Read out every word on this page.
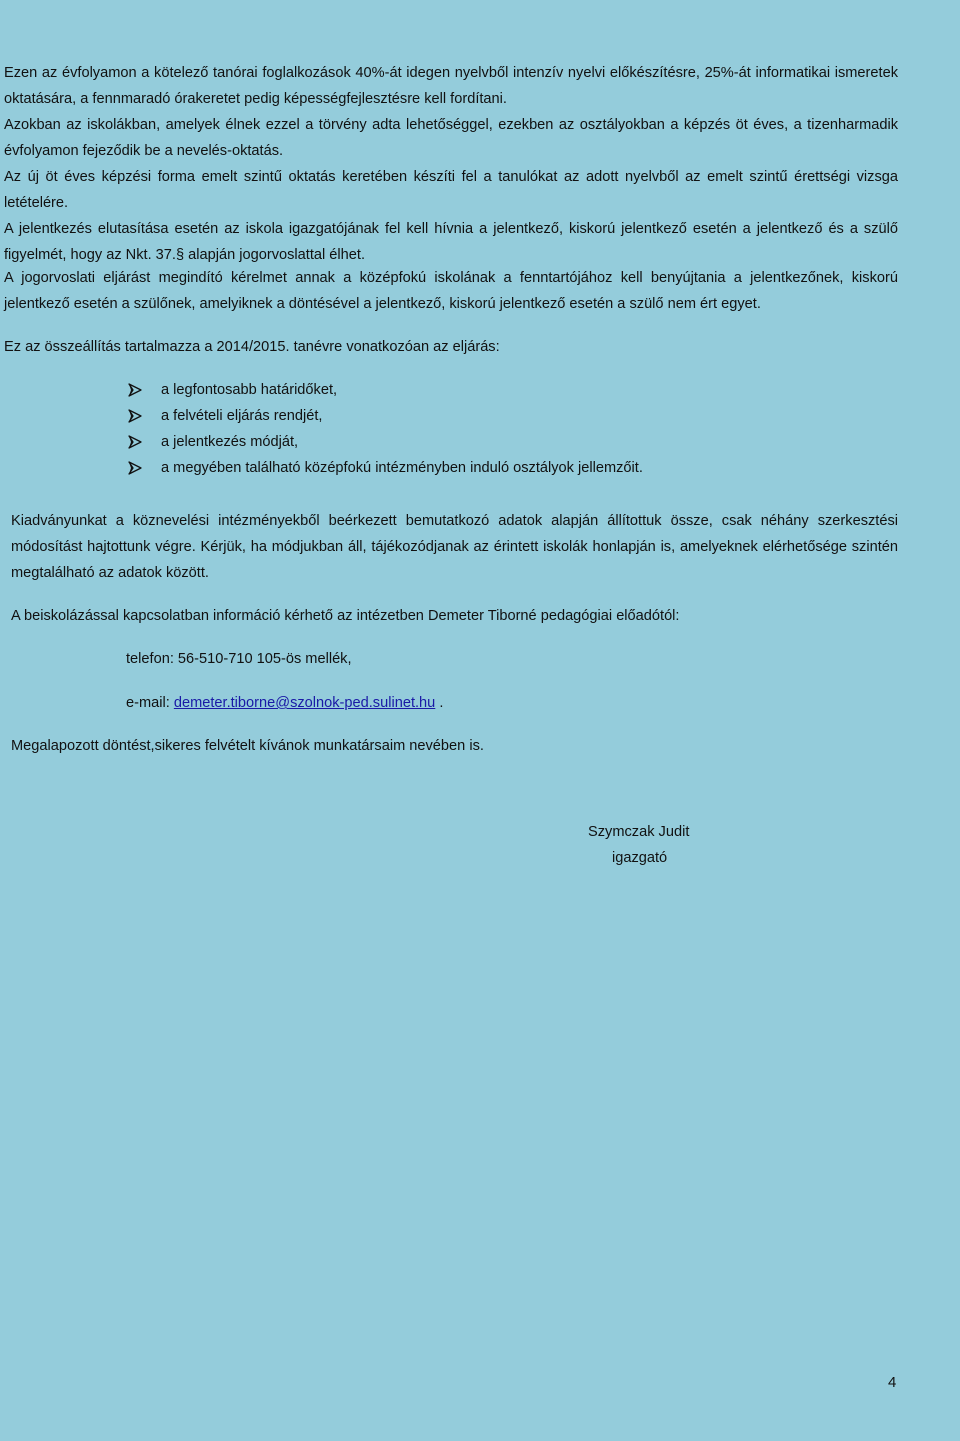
Ezen az évfolyamon a kötelező tanórai foglalkozások 40%-át idegen nyelvből intenzív nyelvi előkészítésre, 25%-át informatikai ismeretek oktatására, a fennmaradó órakeretet pedig képességfejlesztésre kell fordítani.

Azokban az iskolákban, amelyek élnek ezzel a törvény adta lehetőséggel, ezekben az osztályokban a képzés öt éves, a tizenharmadik évfolyamon fejeződik be a nevelés-oktatás.

Az új öt éves képzési forma emelt szintű oktatás keretében készíti fel a tanulókat az adott nyelvből az emelt szintű érettségi vizsga letételére.

A jelentkezés elutasítása esetén az iskola igazgatójának fel kell hívnia a jelentkező, kiskorú jelentkező esetén a jelentkező és a szülő figyelmét, hogy az Nkt. 37.§ alapján jogorvoslattal élhet.

A jogorvoslati eljárást megindító kérelmet annak a középfokú iskolának a fenntartójához kell benyújtania a jelentkezőnek, kiskorú jelentkező esetén a szülőnek, amelyiknek a döntésével a jelentkező, kiskorú jelentkező esetén a szülő nem ért egyet.

Ez az összeállítás tartalmazza a 2014/2015. tanévre vonatkozóan az eljárás:

a legfontosabb határidőket,
a felvételi eljárás rendjét,
a jelentkezés módját,
a megyében található középfokú intézményben induló osztályok jellemzőit.

Kiadványunkat a köznevelési intézményekből beérkezett bemutatkozó adatok alapján állítottuk össze, csak néhány szerkesztési módosítást hajtottunk végre. Kérjük, ha módjukban áll, tájékozódjanak az érintett iskolák honlapján is, amelyeknek elérhetősége szintén megtalálható az adatok között.

A beiskolázással kapcsolatban információ kérhető az intézetben Demeter Tiborné pedagógiai előadótól:

telefon: 56-510-710 105-ös mellék,

e-mail: demeter.tiborne@szolnok-ped.sulinet.hu .

Megalapozott döntést,sikeres felvételt kívánok munkatársaim nevében is.

Szymczak Judit

igazgató

4
